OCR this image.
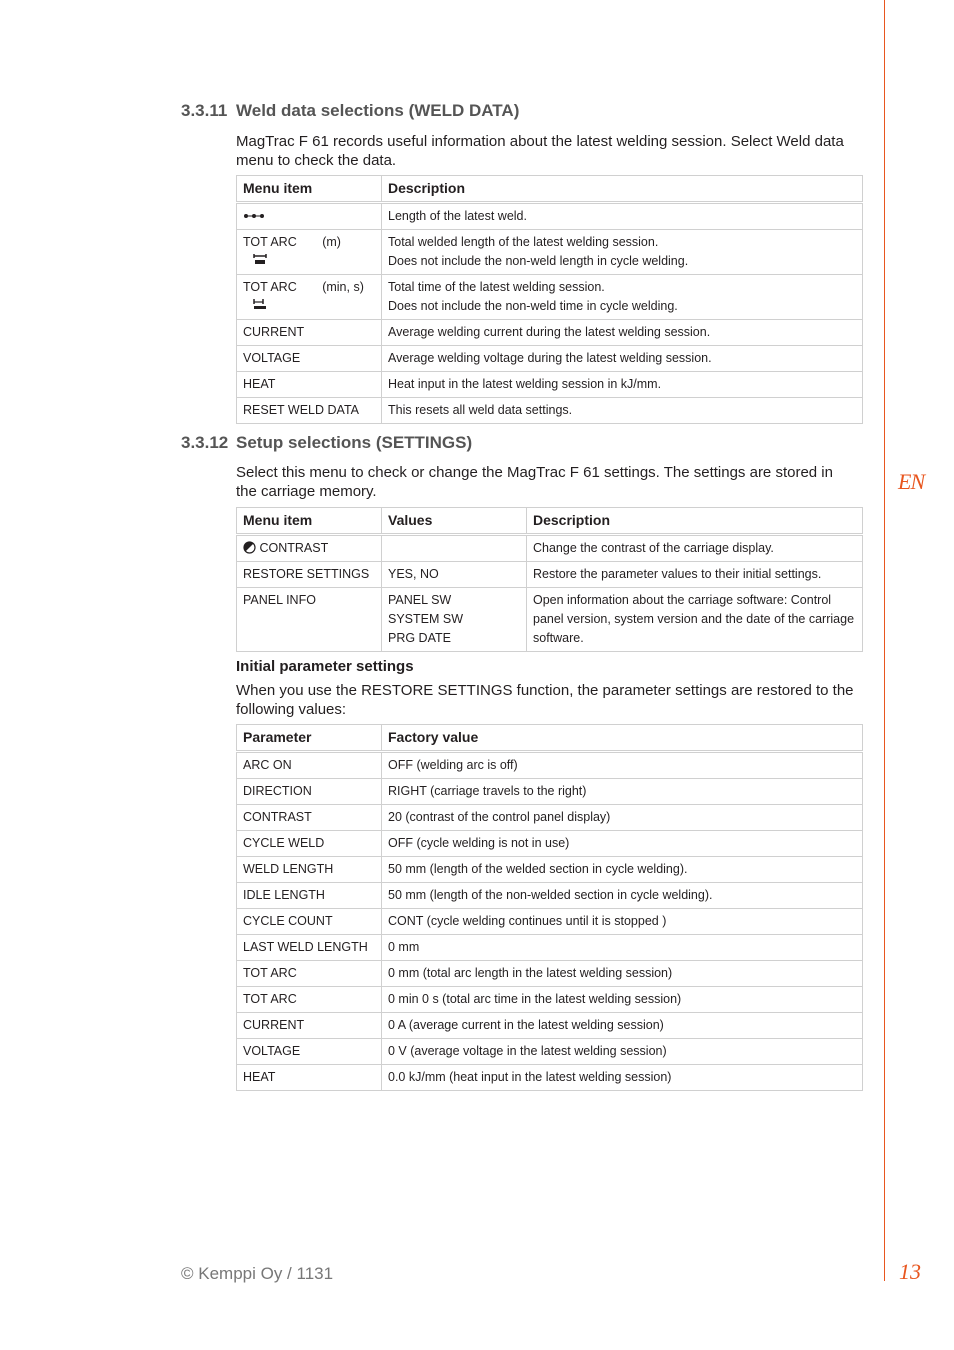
EN
3.3.11 Weld data selections (WELD DATA)

MagTrac F 61 records useful information about the latest welding session. Select Weld data menu to check the data.

Menu item	Description
	Length of the latest weld.
TOT ARC (m)	Total welded length of the latest welding session.
Does not include the non-weld length in cycle welding.
TOT ARC (min, s)	Total time of the latest welding session.
Does not include the non-weld time in cycle welding.
CURRENT	Average welding current during the latest welding session.
VOLTAGE	Average welding voltage during the latest welding session.
HEAT	Heat input in the latest welding session in kJ/mm.
RESET WELD DATA	This resets all weld data settings.
3.3.12 Setup selections (SETTINGS)

Select this menu to check or change the MagTrac F 61 settings. The settings are stored in the carriage memory.

Menu item	Values	Description
CONTRAST		Change the contrast of the carriage display.
RESTORE SETTINGS	YES, NO	Restore the parameter values to their initial settings.
PANEL INFO	PANEL SW
SYSTEM SW
PRG DATE	Open information about the carriage software: Control panel version, system version and the date of the carriage software.
Initial parameter settings

When you use the RESTORE SETTINGS function, the parameter settings are restored to the following values:

Parameter	Factory value
ARC ON	OFF (welding arc is off)
DIRECTION	RIGHT (carriage travels to the right)
CONTRAST	20 (contrast of the control panel display)
CYCLE WELD	OFF (cycle welding is not in use)
WELD LENGTH	50 mm (length of the welded section in cycle welding).
IDLE LENGTH	50 mm (length of the non-welded section in cycle welding).
CYCLE COUNT	CONT (cycle welding continues until it is stopped )
LAST WELD LENGTH	0 mm
TOT ARC	0 mm (total arc length in the latest welding session)
TOT ARC	0 min 0 s (total arc time in the latest welding session)
CURRENT	0 A (average current in the latest welding session)
VOLTAGE	0 V (average voltage in the latest welding session)
HEAT	0.0 kJ/mm (heat input in the latest welding session)
© Kemppi Oy / 1131	13
